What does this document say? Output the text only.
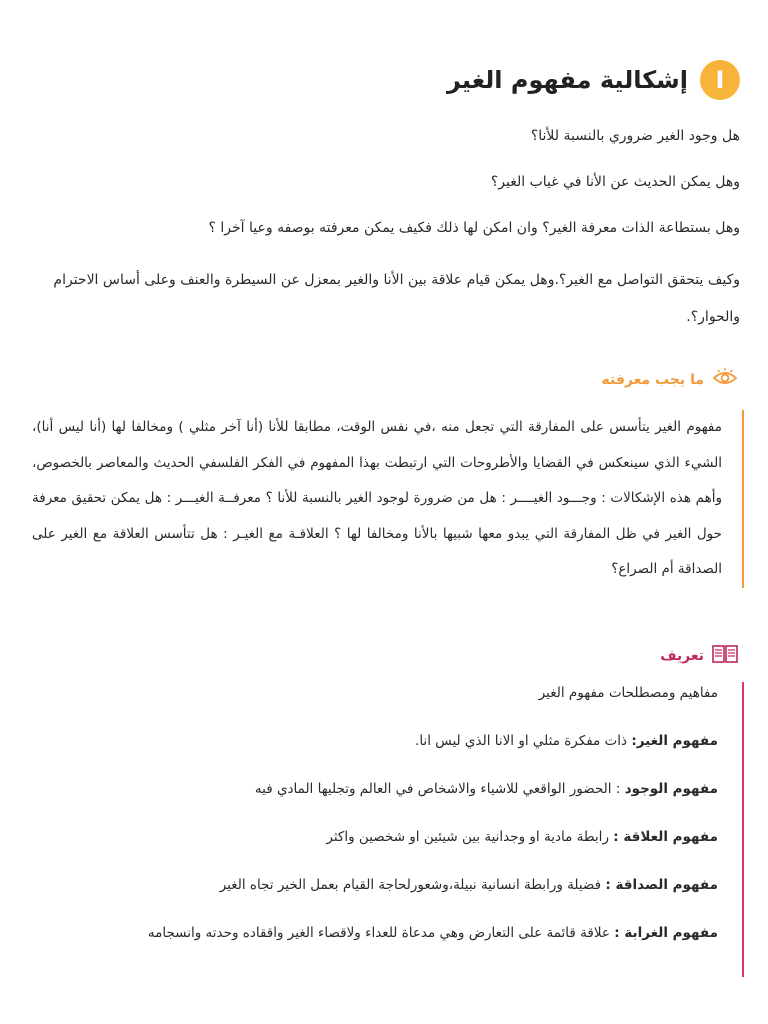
I
إشكالية مفهوم الغير

هل وجود الغير ضروري بالنسبة للأنا؟

وهل يمكن الحديث عن الأنا في غياب الغير؟

وهل بستطاعة الذات معرفة الغير؟ وان امكن لها ذلك فكيف يمكن معرفته بوصفه وعيا آخرا ؟

وكيف يتحقق التواصل مع الغير؟.وهل يمكن قيام علاقة بين الأنا والغير بمعزل عن السيطرة والعنف وعلى أساس الاحترام والحوار؟.

ما يجب معرفته
مفهوم الغير يتأسس على المفارقة التي تجعل منه ،في نفس الوقت، مطابقا للأنا (أنا آخر مثلي ) ومخالفا لها (أنا ليس أنا)، الشيء الذي سينعكس في القضايا والأطروحات التي ارتبطت بهذا المفهوم في الفكر الفلسفي الحديث والمعاصر بالخصوص، وأهم هذه الإشكالات : وجـــود الغيــــر : هل من ضرورة لوجود الغير بالنسبة للأنا ؟ معرفــة الغيـــر : هل يمكن تحقيق معرفة حول الغير في ظل المفارقة التي يبدو معها شبيها بالأنا ومخالفا لها ؟ العلاقـة مع الغيـر : هل تتأسس العلاقة مع الغير على الصداقة أم الصراع؟
تعريف

مفاهيم ومصطلحات مفهوم الغير

مفهوم الغير: ذات مفكرة مثلي او الانا الذي ليس انا.

مفهوم الوجود : الحضور الواقعي للاشياء والاشخاص في العالم وتجليها المادي فيه

مفهوم العلاقة : رابطة مادية او وجدانية بين شيئين او شخصين واكثر

مفهوم الصداقة : فضيلة ورابطة انسانية نبيلة،وشعورلحاجة القيام بعمل الخير تجاه الغير

مفهوم الغرابة : علاقة قائمة على التعارض وهي مدعاة للعداء ولاقصاء الغير واققاده وحدته وانسجامه
